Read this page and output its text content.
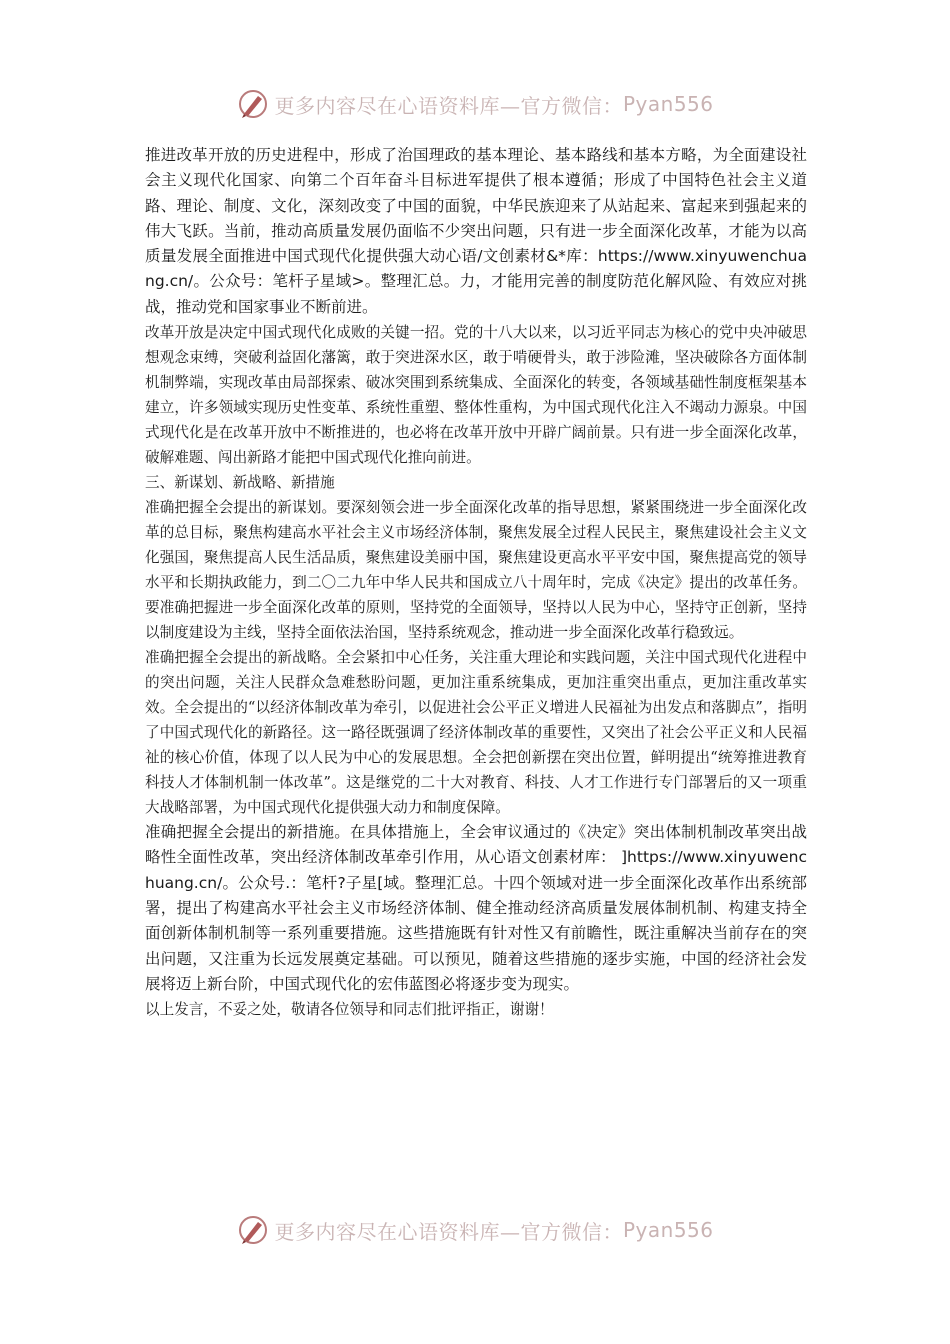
更多内容尽在心语资料库—官方微信： Pyan556

推进改革开放的历史进程中，形成了治国理政的基本理论、基本路线和基本方略，为全面建设社会主义现代化国家、向第二个百年奋斗目标进军提供了根本遵循；形成了中国特色社会主义道路、理论、制度、文化，深刻改变了中国的面貌，中华民族迎来了从站起来、富起来到强起来的伟大飞跃。当前，推动高质量发展仍面临不少突出问题，只有进一步全面深化改革，才能为以高质量发展全面推进中国式现代化提供强大动心语/文创素材&*库：https://www.xinyuwenchuang.cn/。公众号：笔杆子星域>。整理汇总。力，才能用完善的制度防范化解风险、有效应对挑战，推动党和国家事业不断前进。

改革开放是决定中国式现代化成败的关键一招。党的十八大以来，以习近平同志为核心的党中央冲破思想观念束缚，突破利益固化藩篱，敢于突进深水区，敢于啃硬骨头，敢于涉险滩，坚决破除各方面体制机制弊端，实现改革由局部探索、破冰突围到系统集成、全面深化的转变，各领域基础性制度框架基本建立，许多领域实现历史性变革、系统性重塑、整体性重构，为中国式现代化注入不竭动力源泉。中国式现代化是在改革开放中不断推进的，也必将在改革开放中开辟广阔前景。只有进一步全面深化改革，破解难题、闯出新路才能把中国式现代化推向前进。

三、新谋划、新战略、新措施

准确把握全会提出的新谋划。要深刻领会进一步全面深化改革的指导思想，紧紧围绕进一步全面深化改革的总目标，聚焦构建高水平社会主义市场经济体制，聚焦发展全过程人民民主，聚焦建设社会主义文化强国，聚焦提高人民生活品质，聚焦建设美丽中国，聚焦建设更高水平平安中国，聚焦提高党的领导水平和长期执政能力，到二〇二九年中华人民共和国成立八十周年时，完成《决定》提出的改革任务。要准确把握进一步全面深化改革的原则，坚持党的全面领导，坚持以人民为中心，坚持守正创新，坚持以制度建设为主线，坚持全面依法治国，坚持系统观念，推动进一步全面深化改革行稳致远。

准确把握全会提出的新战略。全会紧扣中心任务，关注重大理论和实践问题，关注中国式现代化进程中的突出问题，关注人民群众急难愁盼问题，更加注重系统集成，更加注重突出重点，更加注重改革实效。全会提出的“以经济体制改革为牵引，以促进社会公平正义增进人民福祉为出发点和落脚点”，指明了中国式现代化的新路径。这一路径既强调了经济体制改革的重要性，又突出了社会公平正义和人民福祉的核心价值，体现了以人民为中心的发展思想。全会把创新摆在突出位置，鲜明提出“统筹推进教育科技人才体制机制一体改革”。这是继党的二十大对教育、科技、人才工作进行专门部署后的又一项重大战略部署，为中国式现代化提供强大动力和制度保障。

准确把握全会提出的新措施。在具体措施上，全会审议通过的《决定》突出体制机制改革突出战略性全面性改革，突出经济体制改革牵引作用，从心语文创素材库： ]https://www.xinyuwenchuang.cn/。公众号.：笔杆?子星[域。整理汇总。十四个领域对进一步全面深化改革作出系统部署，提出了构建高水平社会主义市场经济体制、健全推动经济高质量发展体制机制、构建支持全面创新体制机制等一系列重要措施。这些措施既有针对性又有前瞻性，既注重解决当前存在的突出问题，又注重为长远发展奠定基础。可以预见，随着这些措施的逐步实施，中国的经济社会发展将迈上新台阶，中国式现代化的宏伟蓝图必将逐步变为现实。

以上发言，不妥之处，敬请各位领导和同志们批评指正，谢谢！

更多内容尽在心语资料库—官方微信： Pyan556
